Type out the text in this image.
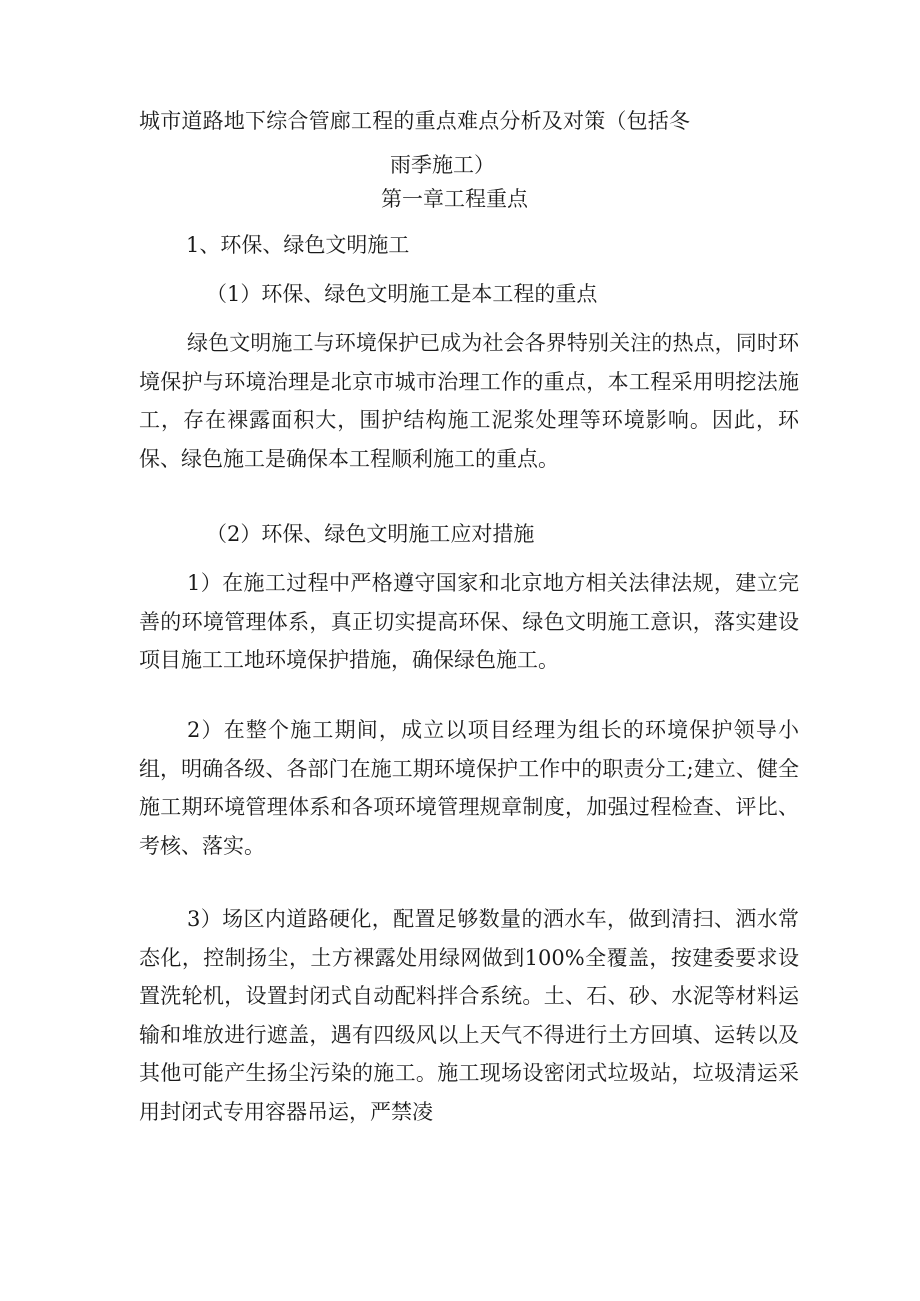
城市道路地下综合管廊工程的重点难点分析及对策（包括冬
雨季施工）
第一章工程重点
1、环保、绿色文明施工
（1）环保、绿色文明施工是本工程的重点

绿色文明施工与环境保护已成为社会各界特别关注的热点，同时环境保护与环境治理是北京市城市治理工作的重点，本工程采用明挖法施工，存在裸露面积大，围护结构施工泥浆处理等环境影响。因此，环保、绿色施工是确保本工程顺利施工的重点。

（2）环保、绿色文明施工应对措施

1）在施工过程中严格遵守国家和北京地方相关法律法规，建立完善的环境管理体系，真正切实提高环保、绿色文明施工意识，落实建设项目施工工地环境保护措施，确保绿色施工。

2）在整个施工期间，成立以项目经理为组长的环境保护领导小组，明确各级、各部门在施工期环境保护工作中的职责分工;建立、健全施工期环境管理体系和各项环境管理规章制度，加强过程检查、评比、考核、落实。

3）场区内道路硬化，配置足够数量的洒水车，做到清扫、洒水常态化，控制扬尘，土方裸露处用绿网做到100%全覆盖，按建委要求设置洗轮机，设置封闭式自动配料拌合系统。土、石、砂、水泥等材料运输和堆放进行遮盖，遇有四级风以上天气不得进行土方回填、运转以及其他可能产生扬尘污染的施工。施工现场设密闭式垃圾站，垃圾清运采用封闭式专用容器吊运，严禁凌
